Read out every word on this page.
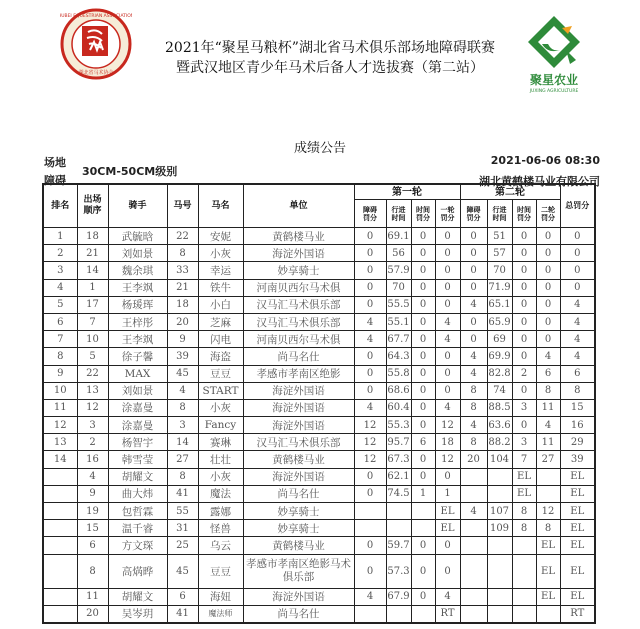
湖北省马术协会
HUBEI EQUESTRIAN ASSOCIATION
2021年“聚星马粮杯”湖北省马术俱乐部场地障碍联赛
暨武汉地区青少年马术后备人才选拔赛（第二站）
聚星农业
JUXING AGRICULTURE
成绩公告
场地障碍
30CM-50CM级别
2021-06-06 08:30
湖北黄鹤楼马业有限公司
排名	出场顺序	骑手	马号	马名	单位	第一轮				第二轮				总罚分

						障碍罚分	行进时间	时间罚分	一轮罚分	障碍罚分	行进时间	时间罚分	二轮罚分	

1	18	武毓晗	22	安妮	黄鹤楼马业	0	69.1	0	0	0	51	0	0	0
2	21	刘如景	8	小灰	海淀外国语	0	56	0	0	0	57	0	0	0
3	14	魏余琪	33	幸运	妙享骑士	0	57.9	0	0	0	70	0	0	0
4	1	王李飒	21	铁牛	河南贝西尔马术俱	0	70	0	0	0	71.9	0	0	0
5	17	杨瑗珲	18	小白	汉马汇马术俱乐部	0	55.5	0	0	4	65.1	0	0	4
6	7	王梓彤	20	芝麻	汉马汇马术俱乐部	4	55.1	0	4	0	65.9	0	0	4
7	10	王李飒	9	闪电	河南贝西尔马术俱	4	67.7	0	4	0	69	0	0	4
8	5	徐子馨	39	海盗	尚马名仕	0	64.3	0	0	4	69.9	0	4	4
9	22	MAX	45	豆豆	孝感市孝南区绝影	0	55.8	0	0	4	82.8	2	6	6
10	13	刘如景	4	START	海淀外国语	0	68.6	0	0	8	74	0	8	8
11	12	涂嘉曼	8	小灰	海淀外国语	4	60.4	0	4	8	88.5	3	11	15
12	3	涂嘉曼	3	Fancy	海淀外国语	12	55.3	0	12	4	63.6	0	4	16
13	2	杨智宇	14	赛琳	汉马汇马术俱乐部	12	95.7	6	18	8	88.2	3	11	29
14	16	韩雪莹	27	壮壮	黄鹤楼马业	12	67.3	0	12	20	104	7	27	39
	4	胡耀文	8	小灰	海淀外国语	0	62.1	0	0			EL		EL
	9	曲大炜	41	魔法	尚马名仕	0	74.5	1	1			EL		EL
	19	包哲霖	55	露娜	妙享骑士				EL	4	107	8	12	EL
	15	温千睿	31	怪兽	妙享骑士				EL		109	8	8	EL
	6	方文琛	25	乌云	黄鹤楼马业	0	59.7	0	0				EL	EL
	8	高焫晔	45	豆豆	孝感市孝南区绝影马术俱乐部	0	57.3	0	0				EL	EL
	11	胡耀文	6	海妞	海淀外国语	4	67.9	0	4				EL	EL
	20	吴岑玥	41	魔法师	尚马名仕				RT					RT
